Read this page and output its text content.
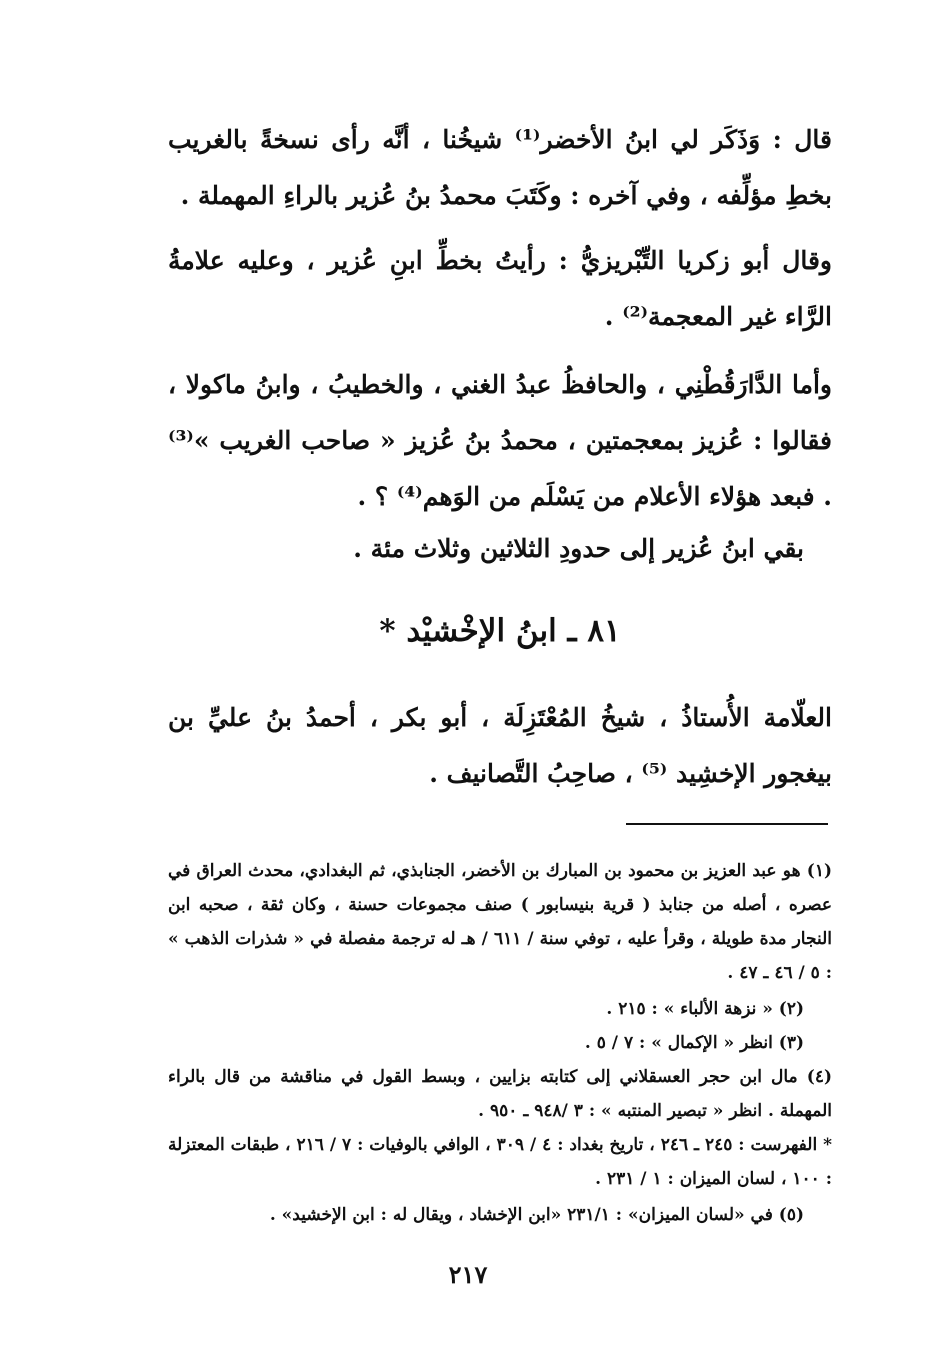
قال : وَذَكَر لي ابنُ الأخضر⁽¹⁾ شيخُنا ، أنَّه رأى نسخةً بالغريب بخطِ مؤلِّفه ، وفي آخره : وكَتَبَ محمدُ بنُ عُزير بالراءِ المهملة .

وقال أبو زكريا التِّبْريزيُّ : رأيتُ بخطِّ ابنِ عُزير ، وعليه علامةُ الرَّاء غير المعجمة⁽²⁾ .

وأما الدَّارَقُطْنِي ، والحافظُ عبدُ الغني ، والخطيبُ ، وابنُ ماكولا ، فقالوا : عُزيز بمعجمتين ، محمدُ بنُ عُزيز « صاحب الغريب »⁽³⁾ . فبعد هؤلاء الأعلام من يَسْلَم من الوَهم⁽⁴⁾ ؟ .

بقي ابنُ عُزير إلى حدودِ الثلاثين وثلاث مئة .

٨١ ـ ابنُ الإخْشيْد *

العلّامة الأُستاذُ ، شيخُ المُعْتَزِلَة ، أبو بكر ، أحمدُ بنُ عليِّ بن بيغجور الإخشِيد ⁽⁵⁾ ، صاحِبُ التَّصانيف .

(١) هو عبد العزيز بن محمود بن المبارك بن الأخضر، الجنابذي، ثم البغدادي، محدث العراق في عصره ، أصله من جنابذ ( قرية بنيسابور ) صنف مجموعات حسنة ، وكان ثقة ، صحبه ابن النجار مدة طويلة ، وقرأ عليه ، توفي سنة / ٦١١ / هـ له ترجمة مفصلة في « شذرات الذهب » : ٥ / ٤٦ ـ ٤٧ .

(٢) « نزهة الألباء » : ٢١٥ .

(٣) انظر « الإكمال » : ٧ / ٥ .

(٤) مال ابن حجر العسقلاني إلى كتابته بزايين ، وبسط القول في مناقشة من قال بالراء المهملة . انظر « تبصير المنتبه » : ٣ /٩٤٨ ـ ٩٥٠ .

* الفهرست : ٢٤٥ ـ ٢٤٦ ، تاريخ بغداد : ٤ / ٣٠٩ ، الوافي بالوفيات : ٧ / ٢١٦ ، طبقات المعتزلة : ١٠٠ ، لسان الميزان : ١ / ٢٣١ .

(٥) في «لسان الميزان» : ٢٣١/١ «ابن الإخشاد ، ويقال له : ابن الإخشيد» .

٢١٧
